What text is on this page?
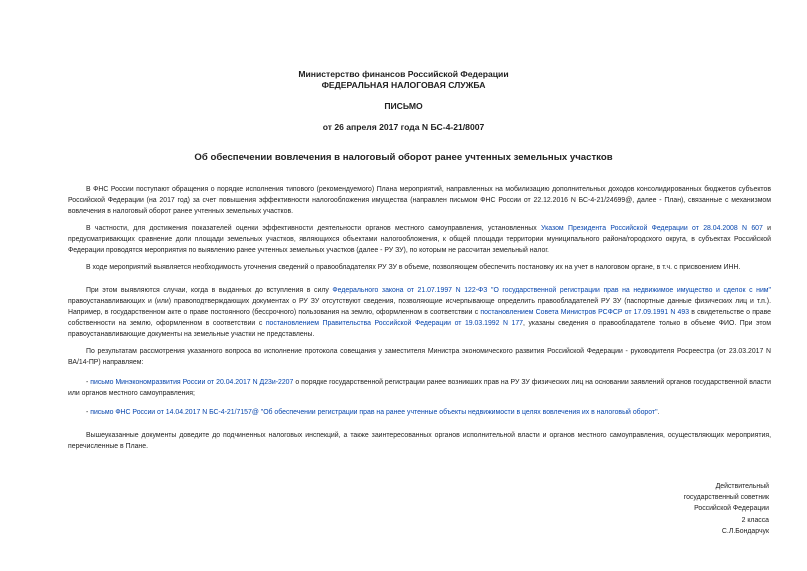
Министерство финансов Российской Федерации
ФЕДЕРАЛЬНАЯ НАЛОГОВАЯ СЛУЖБА
ПИСЬМО
от 26 апреля 2017 года N БС-4-21/8007
Об обеспечении вовлечения в налоговый оборот ранее учтенных земельных участков
В ФНС России поступают обращения о порядке исполнения типового (рекомендуемого) Плана мероприятий, направленных на мобилизацию дополнительных доходов консолидированных бюджетов субъектов Российской Федерации (на 2017 год) за счет повышения эффективности налогообложения имущества (направлен письмом ФНС России от 22.12.2016 N БС-4-21/24699@, далее - План), связанные с механизмом вовлечения в налоговый оборот ранее учтенных земельных участков.
В частности, для достижения показателей оценки эффективности деятельности органов местного самоуправления, установленных Указом Президента Российской Федерации от 28.04.2008 N 607 и предусматривающих сравнение доли площади земельных участков, являющихся объектами налогообложения, к общей площади территории муниципального района/городского округа, в субъектах Российской Федерации проводятся мероприятия по выявлению ранее учтенных земельных участков (далее - РУ ЗУ), по которым не рассчитан земельный налог.
В ходе мероприятий выявляется необходимость уточнения сведений о правообладателях РУ ЗУ в объеме, позволяющем обеспечить постановку их на учет в налоговом органе, в т.ч. с присвоением ИНН.
При этом выявляются случаи, когда в выданных до вступления в силу Федерального закона от 21.07.1997 N 122-ФЗ "О государственной регистрации прав на недвижимое имущество и сделок с ним" правоустанавливающих и (или) правоподтверждающих документах о РУ ЗУ отсутствуют сведения, позволяющие исчерпывающе определить правообладателей РУ ЗУ (паспортные данные физических лиц и т.п.). Например, в государственном акте о праве постоянного (бессрочного) пользования на землю, оформленном в соответствии с постановлением Совета Министров РСФСР от 17.09.1991 N 493 в свидетельстве о праве собственности на землю, оформленном в соответствии с постановлением Правительства Российской Федерации от 19.03.1992 N 177, указаны сведения о правообладателе только в объеме ФИО. При этом правоустанавливающие документы на земельные участки не представлены.
По результатам рассмотрения указанного вопроса во исполнение протокола совещания у заместителя Министра экономического развития Российской Федерации - руководителя Росреестра (от 23.03.2017 N ВА/14-ПР) направляем:
- письмо Минэкономразвития России от 20.04.2017 N Д23и-2207 о порядке государственной регистрации ранее возникших прав на РУ ЗУ физических лиц на основании заявлений органов государственной власти или органов местного самоуправления;
- письмо ФНС России от 14.04.2017 N БС-4-21/7157@ "Об обеспечении регистрации прав на ранее учтенные объекты недвижимости в целях вовлечения их в налоговый оборот".
Вышеуказанные документы доведите до подчиненных налоговых инспекций, а также заинтересованных органов исполнительной власти и органов местного самоуправления, осуществляющих мероприятия, перечисленные в Плане.
Действительный
государственный советник
Российской Федерации
2 класса
С.Л.Бондарчук
